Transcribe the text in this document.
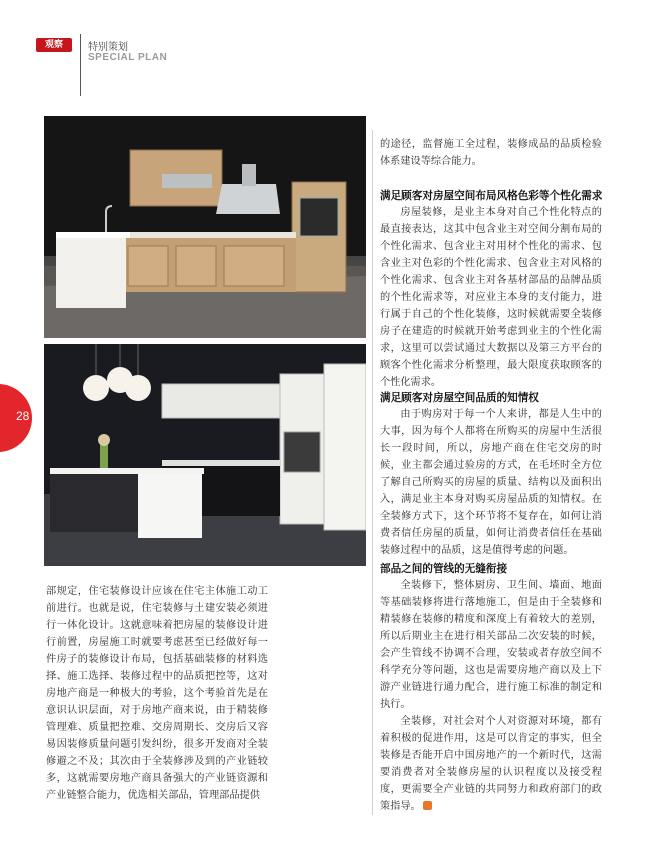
观察	特别策划
SPECIAL PLAN
28

部规定，住宅装修设计应该在住宅主体施工动工前进行。也就是说，住宅装修与土建安装必须进行一体化设计。这就意味着把房屋的装修设计进行前置，房屋施工时就要考虑甚至已经做好每一件房子的装修设计布局，包括基础装修的材料选择、施工选择、装修过程中的品质把控等，这对房地产商是一种极大的考验，这个考验首先是在意识认识层面，对于房地产商来说，由于精装修管理难、质量把控难、交房周期长、交房后又容易因装修质量问题引发纠纷，很多开发商对全装修避之不及；其次由于全装修涉及到的产业链较多，这就需要房地产商具备强大的产业链资源和产业链整合能力，优选相关部品，管理部品提供

的途径，监督施工全过程，装修成品的品质检验体系建设等综合能力。

满足顾客对房屋空间布局风格色彩等个性化需求

房屋装修，是业主本身对自己个性化特点的最直接表达，这其中包含业主对空间分割布局的个性化需求、包含业主对用材个性化的需求、包含业主对色彩的个性化需求、包含业主对风格的个性化需求、包含业主对各基材部品的品牌品质的个性化需求等，对应业主本身的支付能力，进行属于自己的个性化装修，这时候就需要全装修房子在建造的时候就开始考虑到业主的个性化需求，这里可以尝试通过大数据以及第三方平台的顾客个性化需求分析整理，最大限度获取顾客的个性化需求。

满足顾客对房屋空间品质的知情权

由于购房对于每一个人来讲，都是人生中的大事，因为每个人都将在所购买的房屋中生活很长一段时间，所以，房地产商在住宅交房的时候，业主都会通过验房的方式，在毛坯时全方位了解自己所购买的房屋的质量、结构以及面积出入，满足业主本身对购买房屋品质的知情权。在全装修方式下，这个环节将不复存在，如何让消费者信任房屋的质量，如何让消费者信任在基础装修过程中的品质，这是值得考虑的问题。

部品之间的管线的无缝衔接

全装修下，整体厨房、卫生间、墙面、地面等基础装修将进行落地施工，但是由于全装修和精装修在装修的精度和深度上有着较大的差别，所以后期业主在进行相关部品二次安装的时候，会产生管线不协调不合理，安装或者存放空间不科学充分等问题，这也是需要房地产商以及上下游产业链进行通力配合，进行施工标准的制定和执行。

全装修，对社会对个人对资源对环境，都有着积极的促进作用，这是可以肯定的事实，但全装修是否能开启中国房地产的一个新时代，这需要消费者对全装修房屋的认识程度以及接受程度，更需要全产业链的共同努力和政府部门的政策指导。
